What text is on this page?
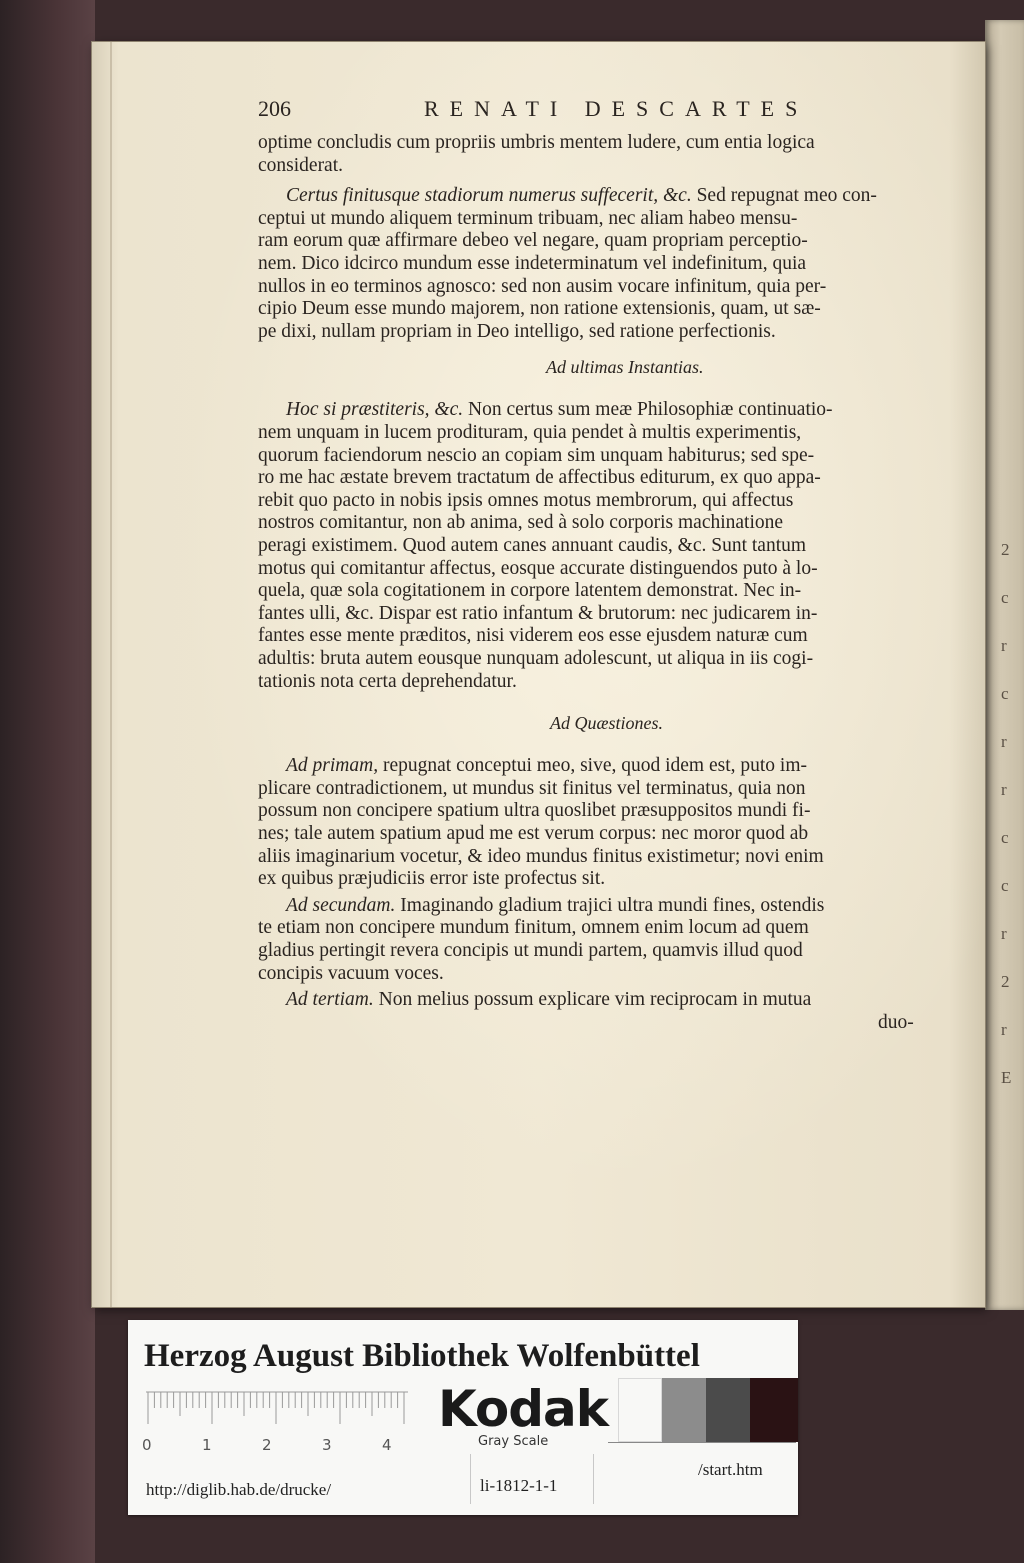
2
c
r
c
r
r
c
c
r
2
r
E
206	RENATI DESCARTES
optime concludis cum propriis umbris mentem ludere, cum entia logica
considerat.
Certus finitusque stadiorum numerus suffecerit, &c. Sed repugnat meo con-
ceptui ut mundo aliquem terminum tribuam, nec aliam habeo mensu-
ram eorum quæ affirmare debeo vel negare, quam propriam perceptio-
nem. Dico idcirco mundum esse indeterminatum vel indefinitum, quia
nullos in eo terminos agnosco: sed non ausim vocare infinitum, quia per-
cipio Deum esse mundo majorem, non ratione extensionis, quam, ut sæ-
pe dixi, nullam propriam in Deo intelligo, sed ratione perfectionis.
Ad ultimas Instantias.
Hoc si præstiteris, &c. Non certus sum meæ Philosophiæ continuatio-
nem unquam in lucem prodituram, quia pendet à multis experimentis,
quorum faciendorum nescio an copiam sim unquam habiturus; sed spe-
ro me hac æstate brevem tractatum de affectibus editurum, ex quo appa-
rebit quo pacto in nobis ipsis omnes motus membrorum, qui affectus
nostros comitantur, non ab anima, sed à solo corporis machinatione
peragi existimem. Quod autem canes annuant caudis, &c. Sunt tantum
motus qui comitantur affectus, eosque accurate distinguendos puto à lo-
quela, quæ sola cogitationem in corpore latentem demonstrat. Nec in-
fantes ulli, &c. Dispar est ratio infantum & brutorum: nec judicarem in-
fantes esse mente præditos, nisi viderem eos esse ejusdem naturæ cum
adultis: bruta autem eousque nunquam adolescunt, ut aliqua in iis cogi-
tationis nota certa deprehendatur.
Ad Quæstiones.
Ad primam, repugnat conceptui meo, sive, quod idem est, puto im-
plicare contradictionem, ut mundus sit finitus vel terminatus, quia non
possum non concipere spatium ultra quoslibet præsuppositos mundi fi-
nes; tale autem spatium apud me est verum corpus: nec moror quod ab
aliis imaginarium vocetur, & ideo mundus finitus existimetur; novi enim
ex quibus præjudiciis error iste profectus sit.
Ad secundam. Imaginando gladium trajici ultra mundi fines, ostendis
te etiam non concipere mundum finitum, omnem enim locum ad quem
gladius pertingit revera concipis ut mundi partem, quamvis illud quod
concipis vacuum voces.
Ad tertiam. Non melius possum explicare vim reciprocam in mutua
duo-
Herzog August Bibliothek Wolfenbüttel
0	1	2	3	4
Kodak
Gray Scale
http://diglib.hab.de/drucke/	li-1812-1-1
/start.htm
